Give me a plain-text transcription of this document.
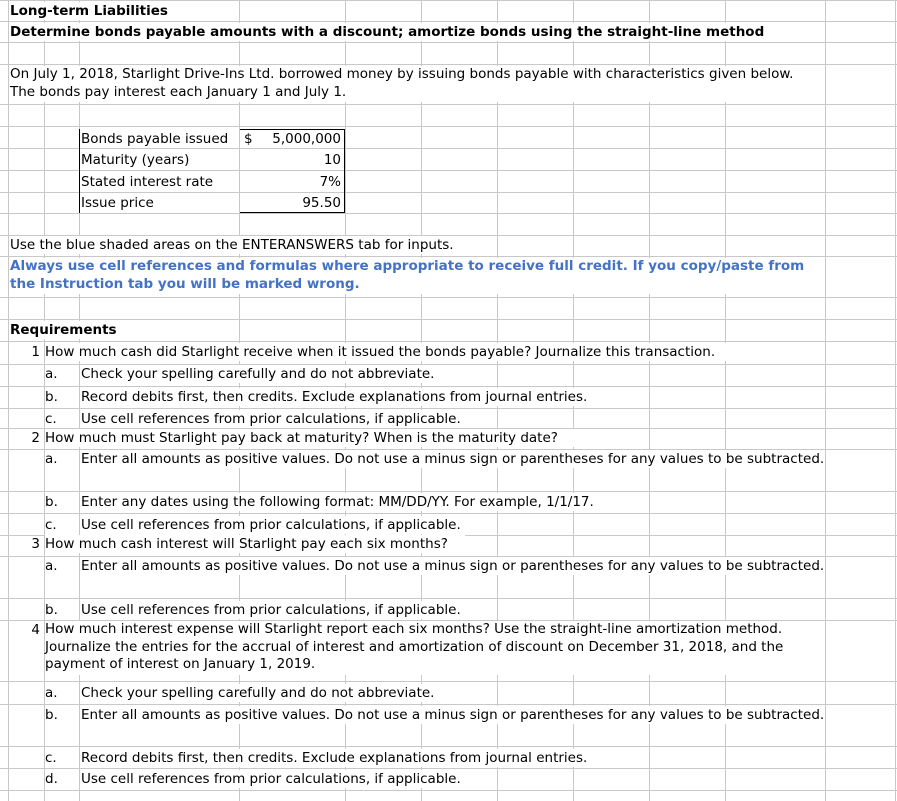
Long-term Liabilities
Determine bonds payable amounts with a discount; amortize bonds using the straight-line method
On July 1, 2018, Starlight Drive-Ins Ltd. borrowed money by issuing bonds payable with characteristics given below. The bonds pay interest each January 1 and July 1.
Bonds payable issued	$	5,000,000
Maturity (years)	10
Stated interest rate	7%
Issue price	95.50
Use the blue shaded areas on the ENTERANSWERS tab for inputs.
Always use cell references and formulas where appropriate to receive full credit. If you copy/paste from the Instruction tab you will be marked wrong.
Requirements
1 How much cash did Starlight receive when it issued the bonds payable? Journalize this transaction.
a.	Check your spelling carefully and do not abbreviate.
b.	Record debits first, then credits. Exclude explanations from journal entries.
c.	Use cell references from prior calculations, if applicable.
2 How much must Starlight pay back at maturity? When is the maturity date?
a.	Enter all amounts as positive values. Do not use a minus sign or parentheses for any values to be subtracted.
b.	Enter any dates using the following format: MM/DD/YY. For example, 1/1/17.
c.	Use cell references from prior calculations, if applicable.
3 How much cash interest will Starlight pay each six months?
a.	Enter all amounts as positive values. Do not use a minus sign or parentheses for any values to be subtracted.
b.	Use cell references from prior calculations, if applicable.
4 How much interest expense will Starlight report each six months? Use the straight-line amortization method. Journalize the entries for the accrual of interest and amortization of discount on December 31, 2018, and the payment of interest on January 1, 2019.
a.	Check your spelling carefully and do not abbreviate.
b.	Enter all amounts as positive values. Do not use a minus sign or parentheses for any values to be subtracted.
c.	Record debits first, then credits. Exclude explanations from journal entries.
d.	Use cell references from prior calculations, if applicable.
